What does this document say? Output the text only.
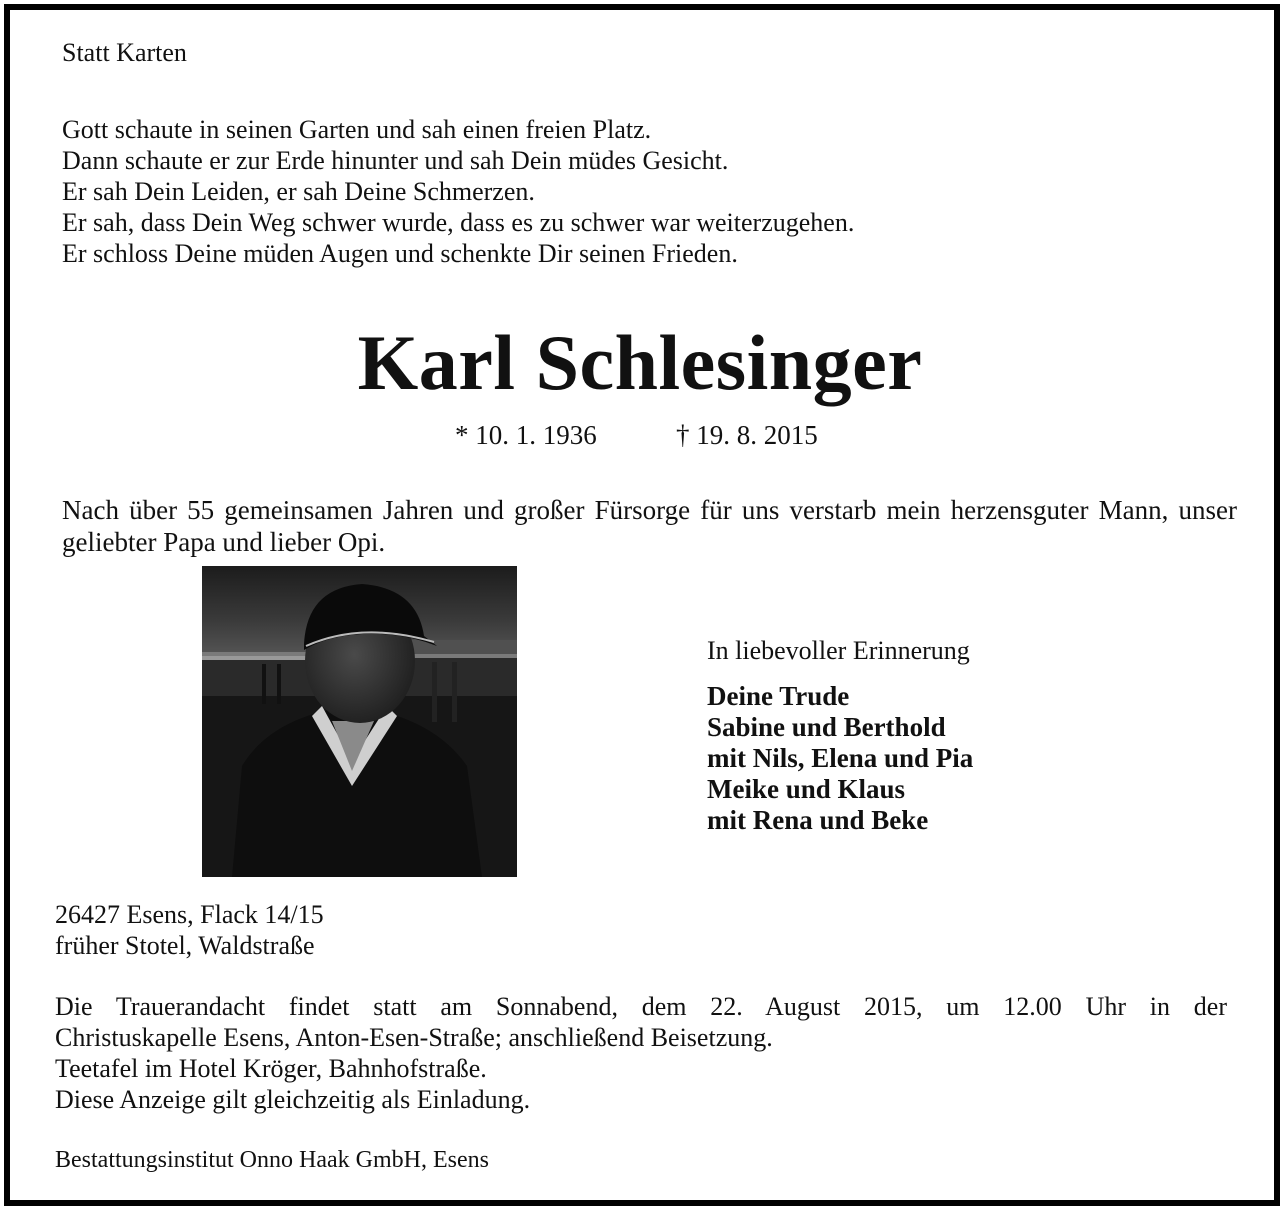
Statt Karten

Gott schaute in seinen Garten und sah einen freien Platz.
Dann schaute er zur Erde hinunter und sah Dein müdes Gesicht.
Er sah Dein Leiden, er sah Deine Schmerzen.
Er sah, dass Dein Weg schwer wurde, dass es zu schwer war weiterzugehen.
Er schloss Deine müden Augen und schenkte Dir seinen Frieden.
Karl Schlesinger
* 10. 1. 1936	† 19. 8. 2015

Nach über 55 gemeinsamen Jahren und großer Fürsorge für uns verstarb mein herzensguter Mann, unser geliebter Papa und lieber Opi.

In liebevoller Erinnerung

Deine Trude
Sabine und Berthold
mit Nils, Elena und Pia
Meike und Klaus
mit Rena und Beke
26427 Esens, Flack 14/15
früher Stotel, Waldstraße
Die Trauerandacht findet statt am Sonnabend, dem 22. August 2015, um 12.00 Uhr in der
Christuskapelle Esens, Anton-Esen-Straße; anschließend Beisetzung.
Teetafel im Hotel Kröger, Bahnhofstraße.
Diese Anzeige gilt gleichzeitig als Einladung.

Bestattungsinstitut Onno Haak GmbH, Esens
